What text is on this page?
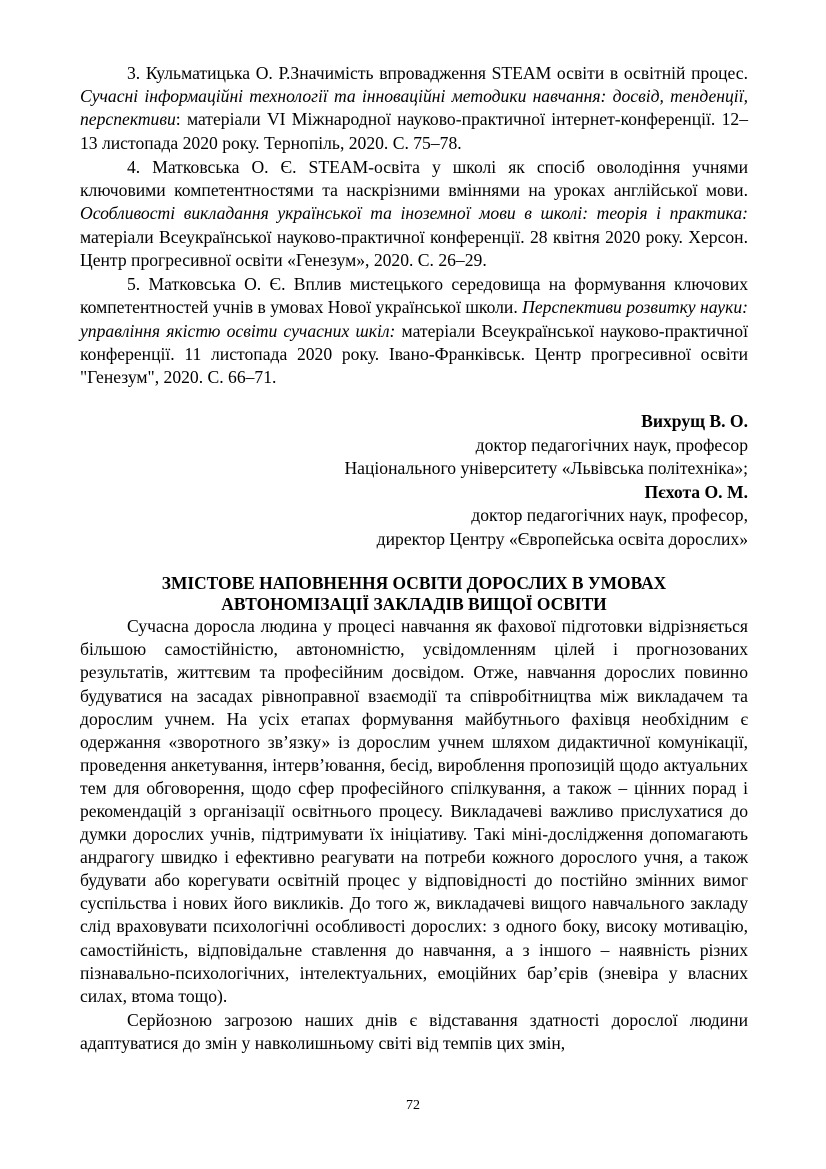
3. Кульматицька О. Р.Значимість впровадження STEAM освіти в освітній процес. Сучасні інформаційні технології та інноваційні методики навчання: досвід, тенденції, перспективи: матеріали VI Міжнародної науково-практичної інтернет-конференції. 12–13 листопада 2020 року. Тернопіль, 2020. С. 75–78.

4. Матковська О. Є. STEAM-освіта у школі як спосіб оволодіння учнями ключовими компетентностями та наскрізними вміннями на уроках англійської мови. Особливості викладання української та іноземної мови в школі: теорія і практика: матеріали Всеукраїнської науково-практичної конференції. 28 квітня 2020 року. Херсон. Центр прогресивної освіти «Генезум», 2020. С. 26–29.

5. Матковська О. Є. Вплив мистецького середовища на формування ключових компетентностей учнів в умовах Нової української школи. Перспективи розвитку науки: управління якістю освіти сучасних шкіл: матеріали Всеукраїнської науково-практичної конференції. 11 листопада 2020 року. Івано-Франківськ. Центр прогресивної освіти "Генезум", 2020. С. 66–71.

Вихрущ В. О.
доктор педагогічних наук, професор
Національного університету «Львівська політехніка»;
Пєхота О. М.
доктор педагогічних наук, професор,
директор Центру «Європейська освіта дорослих»
ЗМІСТОВЕ НАПОВНЕННЯ ОСВІТИ ДОРОСЛИХ В УМОВАХ
АВТОНОМІЗАЦІЇ ЗАКЛАДІВ ВИЩОЇ ОСВІТИ

Сучасна доросла людина у процесі навчання як фахової підготовки відрізняється більшою самостійністю, автономністю, усвідомленням цілей і прогнозованих результатів, життєвим та професійним досвідом. Отже, навчання дорослих повинно будуватися на засадах рівноправної взаємодії та співробітництва між викладачем та дорослим учнем. На усіх етапах формування майбутнього фахівця необхідним є одержання «зворотного зв’язку» із дорослим учнем шляхом дидактичної комунікації, проведення анкетування, інтерв’ювання, бесід, вироблення пропозицій щодо актуальних тем для обговорення, щодо сфер професійного спілкування, а також – цінних порад і рекомендацій з організації освітнього процесу. Викладачеві важливо прислухатися до думки дорослих учнів, підтримувати їх ініціативу. Такі міні-дослідження допомагають андрагогу швидко і ефективно реагувати на потреби кожного дорослого учня, а також будувати або корегувати освітній процес у відповідності до постійно змінних вимог суспільства і нових його викликів. До того ж, викладачеві вищого навчального закладу слід враховувати психологічні особливості дорослих: з одного боку, високу мотивацію, самостійність, відповідальне ставлення до навчання, а з іншого – наявність різних пізнавально-психологічних, інтелектуальних, емоційних бар’єрів (зневіра у власних силах, втома тощо).

Серйозною загрозою наших днів є відставання здатності дорослої людини адаптуватися до змін у навколишньому світі від темпів цих змін,

72
